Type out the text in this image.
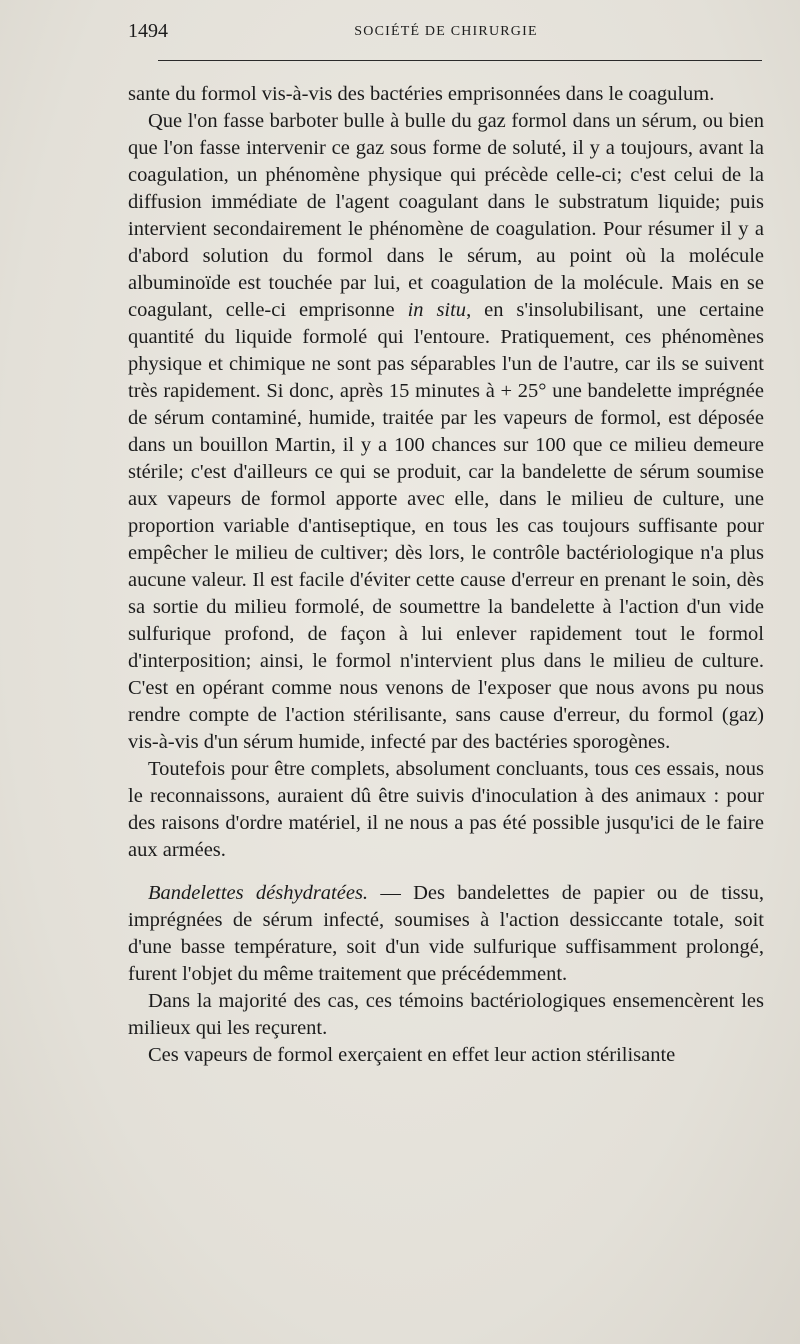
1494	SOCIÉTÉ DE CHIRURGIE

sante du formol vis-à-vis des bactéries emprisonnées dans le coagulum.

Que l'on fasse barboter bulle à bulle du gaz formol dans un sérum, ou bien que l'on fasse intervenir ce gaz sous forme de soluté, il y a toujours, avant la coagulation, un phénomène physique qui précède celle-ci; c'est celui de la diffusion immédiate de l'agent coagulant dans le substratum liquide; puis intervient secondairement le phénomène de coagulation. Pour résumer il y a d'abord solution du formol dans le sérum, au point où la molécule albuminoïde est touchée par lui, et coagulation de la molécule. Mais en se coagulant, celle-ci emprisonne in situ, en s'insolubilisant, une certaine quantité du liquide formolé qui l'entoure. Pratiquement, ces phénomènes physique et chimique ne sont pas séparables l'un de l'autre, car ils se suivent très rapidement. Si donc, après 15 minutes à + 25° une bandelette imprégnée de sérum contaminé, humide, traitée par les vapeurs de formol, est déposée dans un bouillon Martin, il y a 100 chances sur 100 que ce milieu demeure stérile; c'est d'ailleurs ce qui se produit, car la bandelette de sérum soumise aux vapeurs de formol apporte avec elle, dans le milieu de culture, une proportion variable d'antiseptique, en tous les cas toujours suffisante pour empêcher le milieu de cultiver; dès lors, le contrôle bactériologique n'a plus aucune valeur. Il est facile d'éviter cette cause d'erreur en prenant le soin, dès sa sortie du milieu formolé, de soumettre la bandelette à l'action d'un vide sulfurique profond, de façon à lui enlever rapidement tout le formol d'interposition; ainsi, le formol n'intervient plus dans le milieu de culture. C'est en opérant comme nous venons de l'exposer que nous avons pu nous rendre compte de l'action stérilisante, sans cause d'erreur, du formol (gaz) vis-à-vis d'un sérum humide, infecté par des bactéries sporogènes.

Toutefois pour être complets, absolument concluants, tous ces essais, nous le reconnaissons, auraient dû être suivis d'inoculation à des animaux : pour des raisons d'ordre matériel, il ne nous a pas été possible jusqu'ici de le faire aux armées.

Bandelettes déshydratées. — Des bandelettes de papier ou de tissu, imprégnées de sérum infecté, soumises à l'action dessiccante totale, soit d'une basse température, soit d'un vide sulfurique suffisamment prolongé, furent l'objet du même traitement que précédemment.

Dans la majorité des cas, ces témoins bactériologiques ensemencèrent les milieux qui les reçurent.

Ces vapeurs de formol exerçaient en effet leur action stérilisante
